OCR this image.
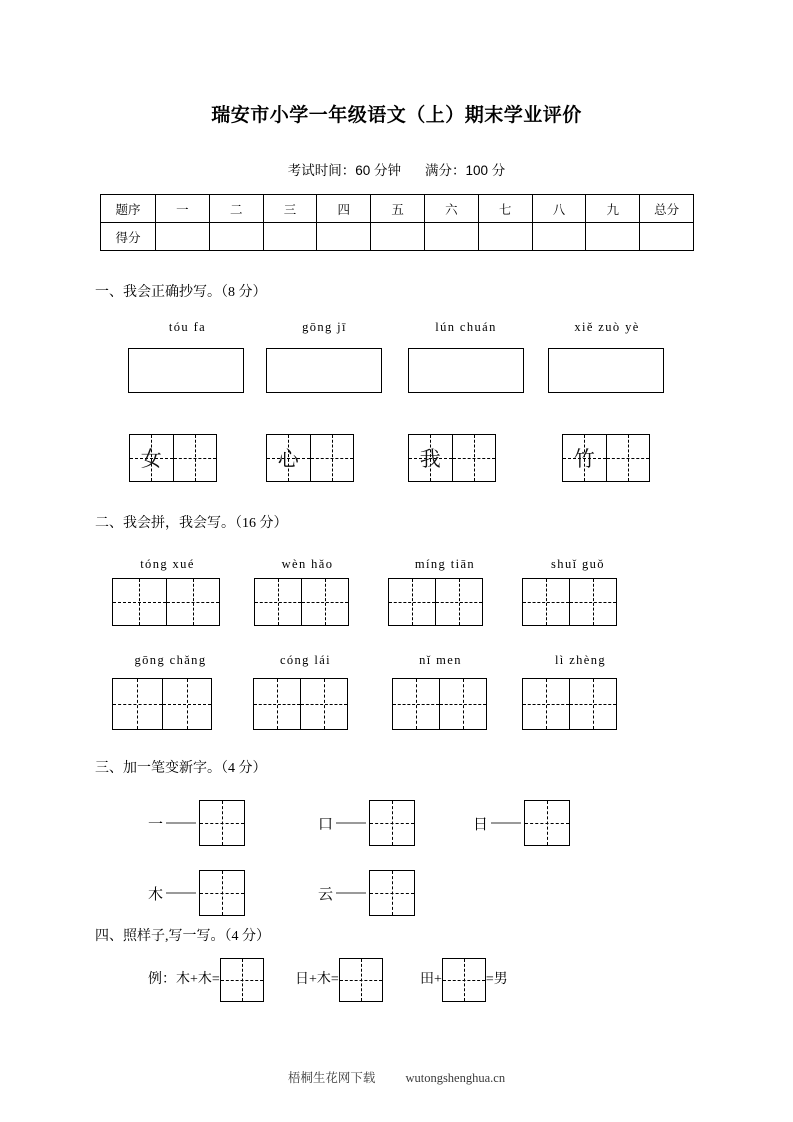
瑞安市小学一年级语文（上）期末学业评价
考试时间：60 分钟 满分：100 分
题序	一	二	三	四	五	六	七	八	九	总分
得分										
一、我会正确抄写。（8 分）
tóu fa	gōng jī	lún chuán	xiě zuò yè
女	心	我	竹
二、我会拼，我会写。（16 分）
tóng xué	wèn hǎo	míng tiān	shuǐ guǒ
gōng chǎng	cóng lái	nǐ men	lì zhèng
三、加一笔变新字。（4 分）
一	口	日
木	云
四、照样子,写一写。（4 分）
例：木+木=	日+木=	田+	=男
梧桐生花网下载 wutongshenghua.cn
